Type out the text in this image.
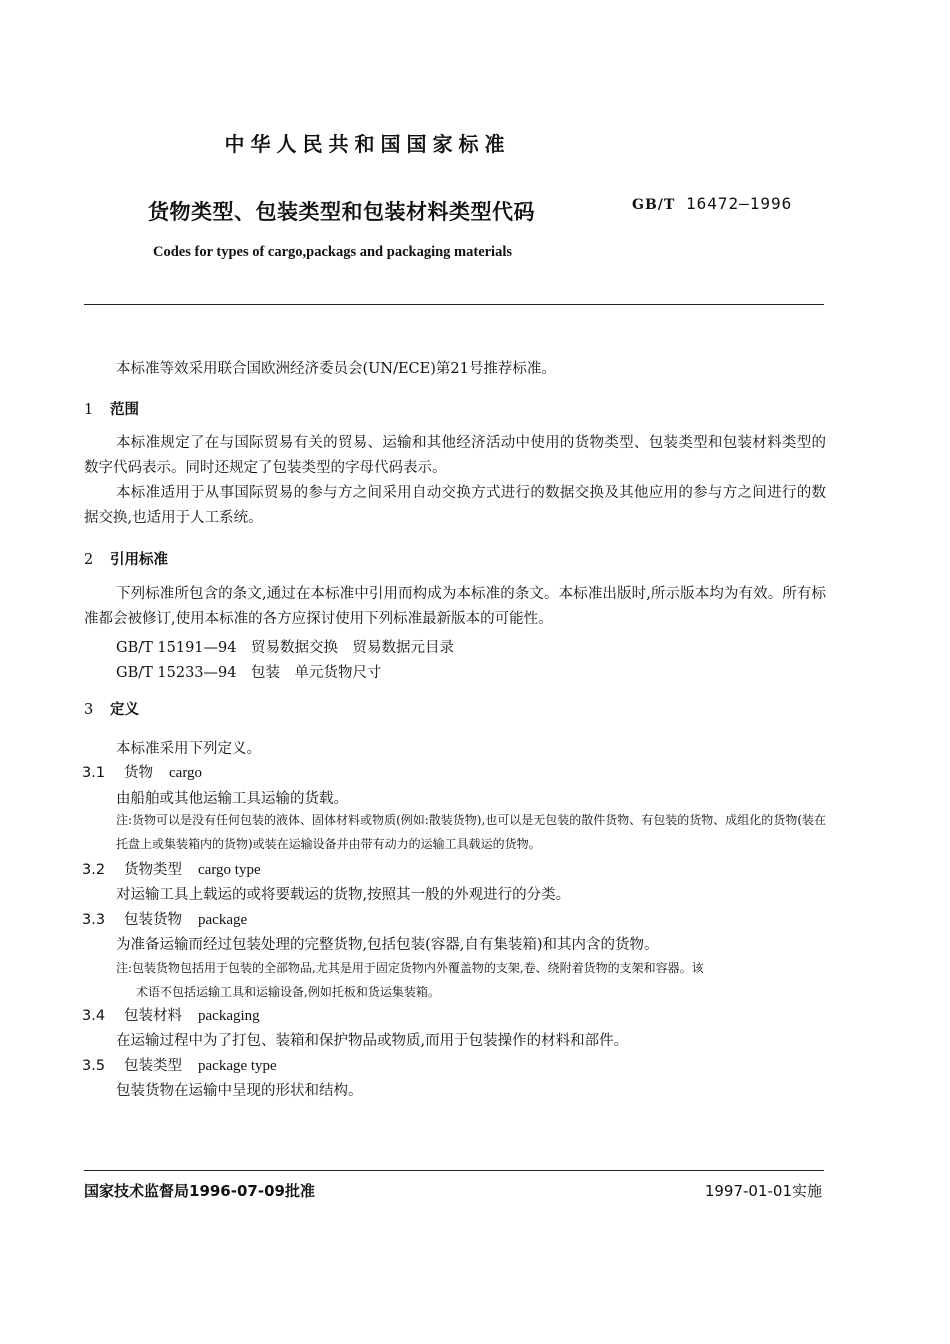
中华人民共和国国家标准
货物类型、包装类型和包装材料类型代码	GB/T 16472—1996
Codes for types of cargo,packags and packaging materials
本标准等效采用联合国欧洲经济委员会(UN/ECE)第21号推荐标准。
1 范围
本标准规定了在与国际贸易有关的贸易、运输和其他经济活动中使用的货物类型、包装类型和包装材料类型的数字代码表示。同时还规定了包装类型的字母代码表示。
本标准适用于从事国际贸易的参与方之间采用自动交换方式进行的数据交换及其他应用的参与方之间进行的数据交换,也适用于人工系统。
2 引用标准
下列标准所包含的条文,通过在本标准中引用而构成为本标准的条文。本标准出版时,所示版本均为有效。所有标准都会被修订,使用本标准的各方应探讨使用下列标准最新版本的可能性。
GB/T 15191—94　贸易数据交换　贸易数据元目录
GB/T 15233—94　包装　单元货物尺寸
3 定义
本标准采用下列定义。
3.1 货物 cargo
由船舶或其他运输工具运输的货载。
注:货物可以是没有任何包装的液体、固体材料或物质(例如:散装货物),也可以是无包装的散件货物、有包装的货物、成组化的货物(装在托盘上或集装箱内的货物)或装在运输设备并由带有动力的运输工具载运的货物。
3.2 货物类型 cargo type
对运输工具上载运的或将要载运的货物,按照其一般的外观进行的分类。
3.3 包装货物 package
为准备运输而经过包装处理的完整货物,包括包装(容器,自有集装箱)和其内含的货物。
注:包装货物包括用于包装的全部物品,尤其是用于固定货物内外覆盖物的支架,卷、绕附着货物的支架和容器。该
术语不包括运输工具和运输设备,例如托板和货运集装箱。
3.4 包装材料 packaging
在运输过程中为了打包、装箱和保护物品或物质,而用于包装操作的材料和部件。
3.5 包装类型 package type
包装货物在运输中呈现的形状和结构。
国家技术监督局1996-07-09批准	1997-01-01实施
